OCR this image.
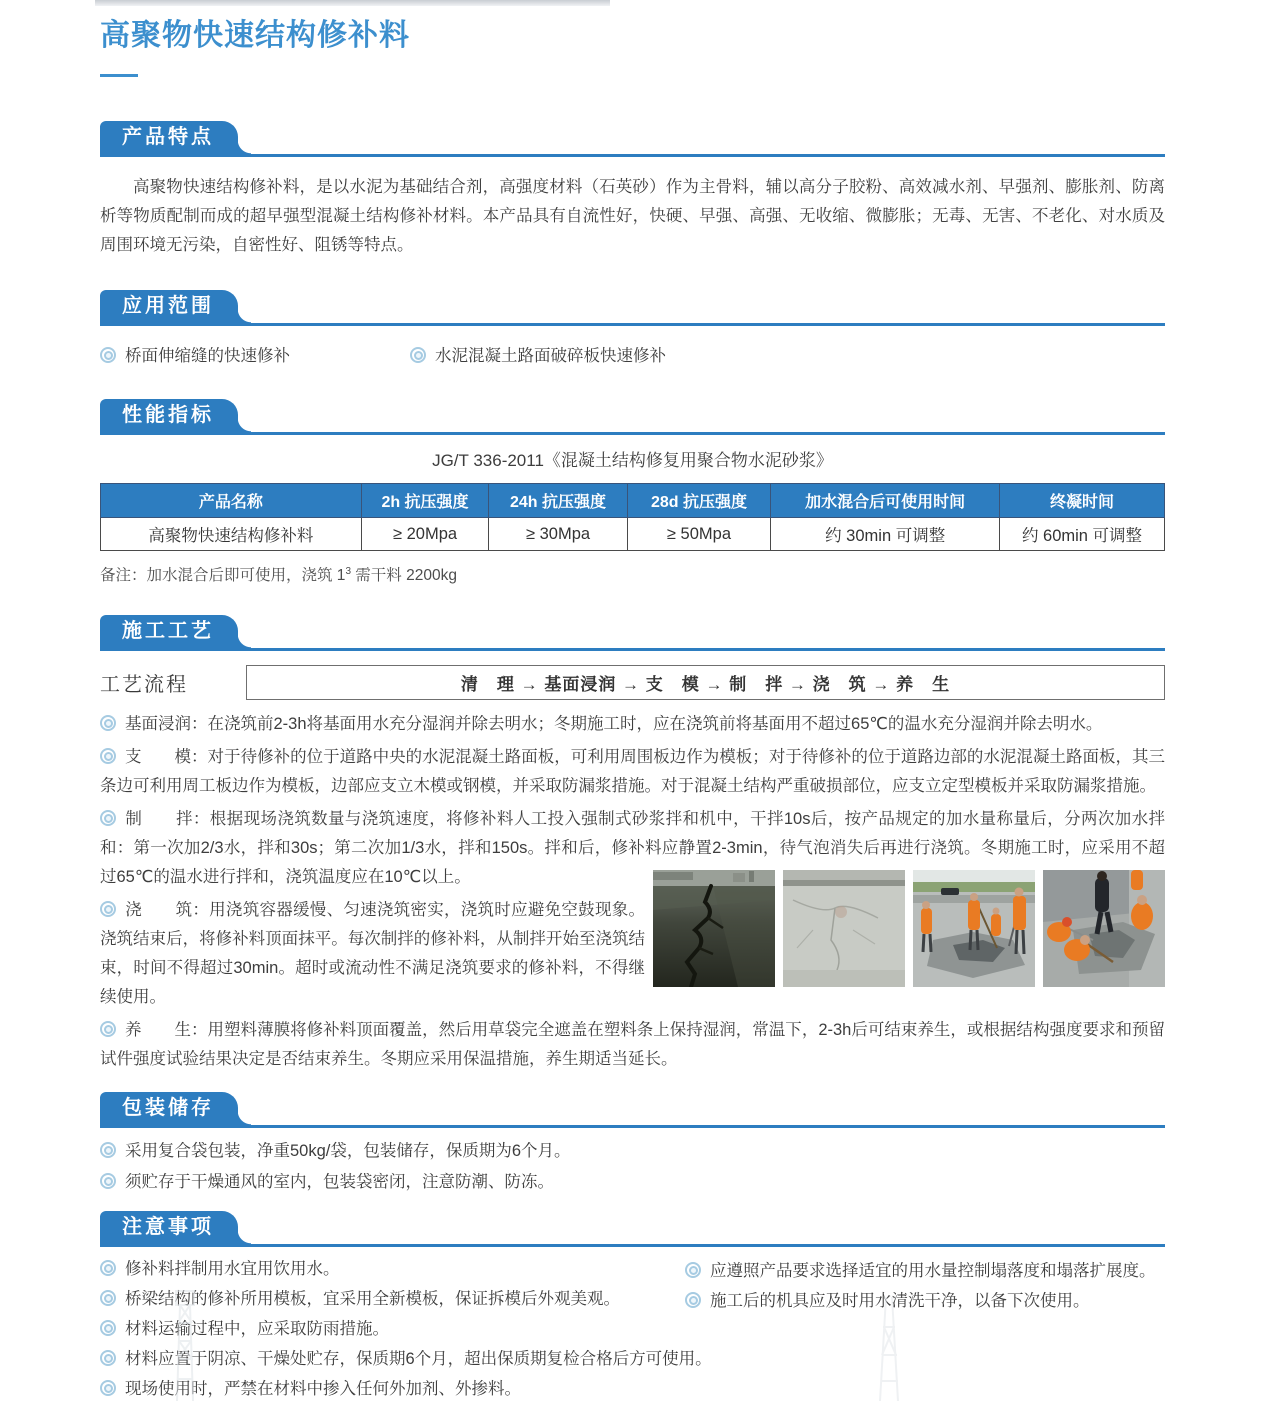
高聚物快速结构修补料
产品特点

高聚物快速结构修补料，是以水泥为基础结合剂，高强度材料（石英砂）作为主骨料，辅以高分子胶粉、高效减水剂、早强剂、膨胀剂、防离析等物质配制而成的超早强型混凝土结构修补材料。本产品具有自流性好，快硬、早强、高强、无收缩、微膨胀；无毒、无害、不老化、对水质及周围环境无污染，自密性好、阻锈等特点。

应用范围
桥面伸缩缝的快速修补	水泥混凝土路面破碎板快速修补
性能指标

JG/T 336-2011《混凝土结构修复用聚合物水泥砂浆》

产品名称	2h 抗压强度	24h 抗压强度	28d 抗压强度	加水混合后可使用时间	终凝时间
高聚物快速结构修补料	≥ 20Mpa	≥ 30Mpa	≥ 50Mpa	约 30min 可调整	约 60min 可调整

备注：加水混合后即可使用，浇筑 $1^3$ 需干料 2200kg

施工工艺
工艺流程	清　理 → 基面浸润 → 支　模 → 制　拌 → 浇　筑 → 养　生

基面浸润：在浇筑前2-3h将基面用水充分湿润并除去明水；冬期施工时，应在浇筑前将基面用不超过65℃的温水充分湿润并除去明水。

支　　模：对于待修补的位于道路中央的水泥混凝土路面板，可利用周围板边作为模板；对于待修补的位于道路边部的水泥混凝土路面板，其三条边可利用周工板边作为模板，边部应支立木模或钢模，并采取防漏浆措施。对于混凝土结构严重破损部位，应支立定型模板并采取防漏浆措施。

制　　拌：根据现场浇筑数量与浇筑速度，将修补料人工投入强制式砂浆拌和机中，干拌10s后，按产品规定的加水量称量后，分两次加水拌和：第一次加2/3水，拌和30s；第二次加1/3水，拌和150s。拌和后，修补料应静置2-3min，待气泡消失后再进行浇筑。冬期施工时，应采用不超过65℃的温水进行拌和，浇筑温度应在10℃以上。

浇　　筑：用浇筑容器缓慢、匀速浇筑密实，浇筑时应避免空鼓现象。浇筑结束后，将修补料顶面抹平。每次制拌的修补料，从制拌开始至浇筑结束，时间不得超过30min。超时或流动性不满足浇筑要求的修补料，不得继续使用。

养　　生：用塑料薄膜将修补料顶面覆盖，然后用草袋完全遮盖在塑料条上保持湿润，常温下，2-3h后可结束养生，或根据结构强度要求和预留试件强度试验结果决定是否结束养生。冬期应采用保温措施，养生期适当延长。

包装储存
采用复合袋包装，净重50kg/袋，包装储存，保质期为6个月。
须贮存于干燥通风的室内，包装袋密闭，注意防潮、防冻。
注意事项
修补料拌制用水宜用饮用水。
桥梁结构的修补所用模板，宜采用全新模板，保证拆模后外观美观。
材料运输过程中，应采取防雨措施。
材料应置于阴凉、干燥处贮存，保质期6个月，超出保质期复检合格后方可使用。
现场使用时，严禁在材料中掺入任何外加剂、外掺料。
应遵照产品要求选择适宜的用水量控制塌落度和塌落扩展度。
施工后的机具应及时用水清洗干净，以备下次使用。
